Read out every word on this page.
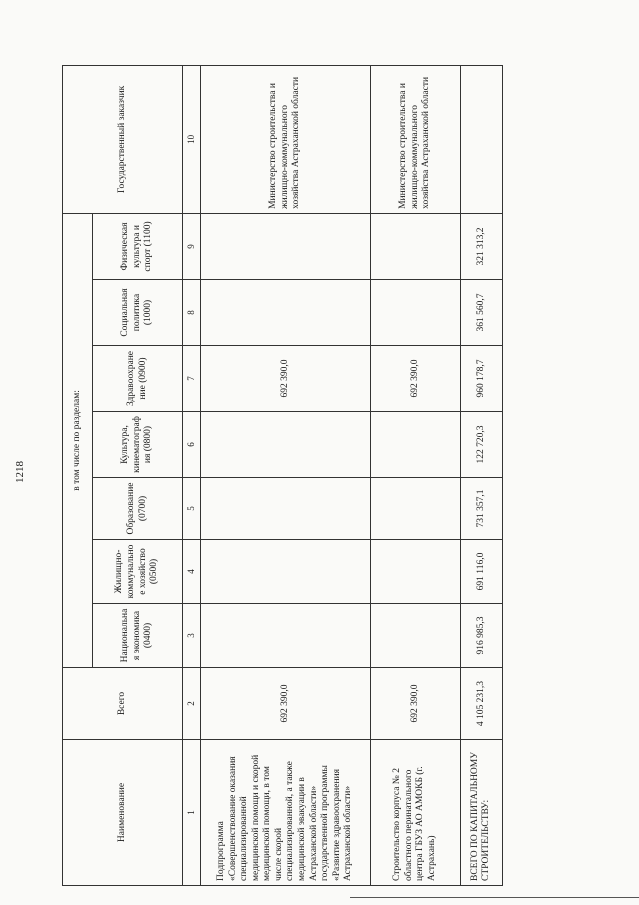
1218
Наименование	Всего	в том числе по разделам:							Государственный заказчик
		Национальная экономика (0400)	Жилищно-коммунальное хозяйство (0500)	Образование (0700)	Культура, кинематография (0800)	Здравоохранение (0900)	Социальная политика (1000)	Физическая культура и спорт (1100)	
1	2	3	4	5	6	7	8	9	10
Подпрограмма «Совершенствование оказания специализированной медицинской помощи и скорой медицинской помощи, в том числе скорой специализированной, а также медицинской эвакуации в Астраханской области» государственной программы «Развитие здравоохранения Астраханской области»	692 390,0					692 390,0			Министерство строительства и жилищно-коммунального хозяйства Астраханской области
Строительство корпуса № 2 областного перинатального центра ГБУЗ АО АМОКБ (г. Астрахань)	692 390,0					692 390,0			Министерство строительства и жилищно-коммунального хозяйства Астраханской области
ВСЕГО ПО КАПИТАЛЬНОМУ СТРОИТЕЛЬСТВУ:	4 105 231,3	916 985,3	691 116,0	731 357,1	122 720,3	960 178,7	361 560,7	321 313,2	
